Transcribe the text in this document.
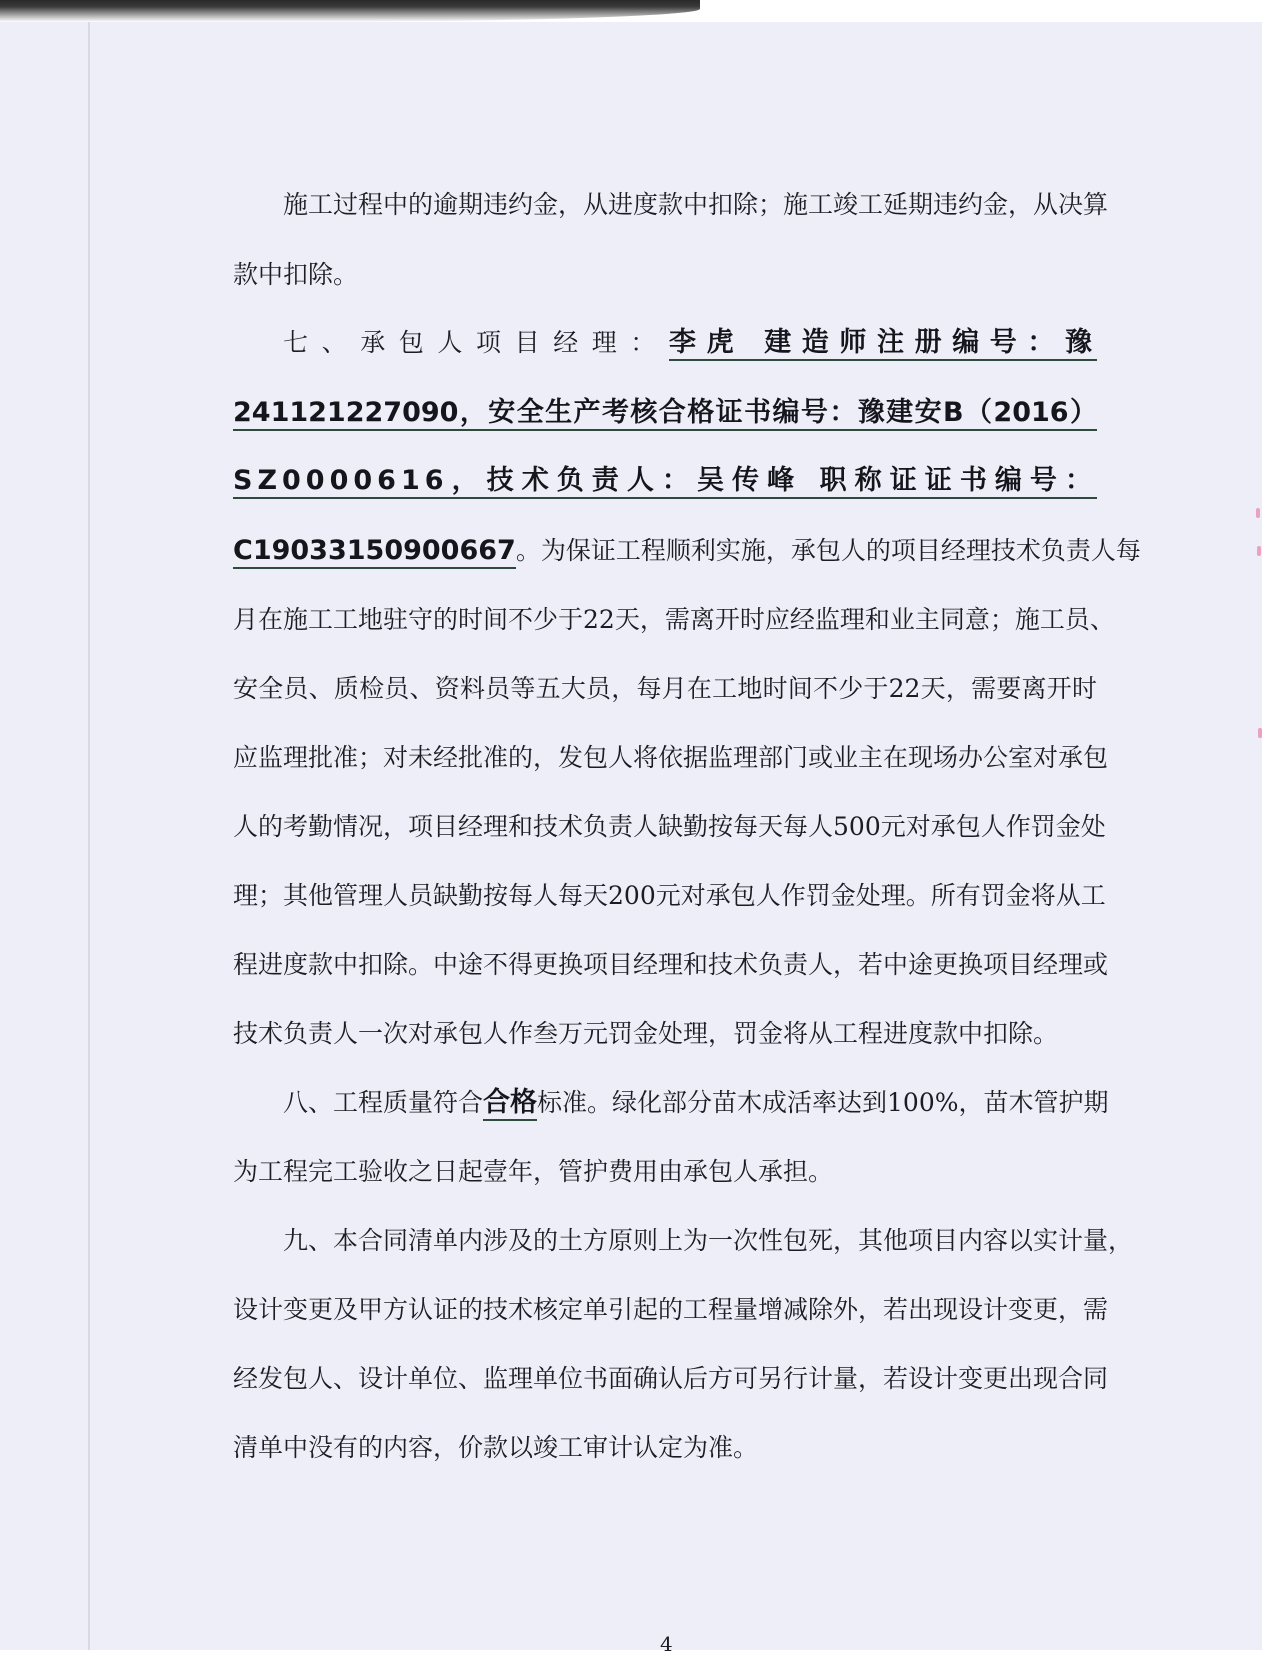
施工过程中的逾期违约金，从进度款中扣除；施工竣工延期违约金，从决算
款中扣除。
七、承包人项目经理：李虎 建造师注册编号：豫
241121227090，安全生产考核合格证书编号：豫建安B（2016）
SZ0000616，技术负责人：吴传峰 职称证证书编号：
C19033150900667。为保证工程顺利实施，承包人的项目经理技术负责人每
月在施工工地驻守的时间不少于22天，需离开时应经监理和业主同意；施工员、
安全员、质检员、资料员等五大员，每月在工地时间不少于22天，需要离开时
应监理批准；对未经批准的，发包人将依据监理部门或业主在现场办公室对承包
人的考勤情况，项目经理和技术负责人缺勤按每天每人500元对承包人作罚金处
理；其他管理人员缺勤按每人每天200元对承包人作罚金处理。所有罚金将从工
程进度款中扣除。中途不得更换项目经理和技术负责人，若中途更换项目经理或
技术负责人一次对承包人作叁万元罚金处理，罚金将从工程进度款中扣除。
八、工程质量符合合格标准。绿化部分苗木成活率达到100%，苗木管护期
为工程完工验收之日起壹年，管护费用由承包人承担。
九、本合同清单内涉及的土方原则上为一次性包死，其他项目内容以实计量，
设计变更及甲方认证的技术核定单引起的工程量增减除外，若出现设计变更，需
经发包人、设计单位、监理单位书面确认后方可另行计量，若设计变更出现合同
清单中没有的内容，价款以竣工审计认定为准。
4
